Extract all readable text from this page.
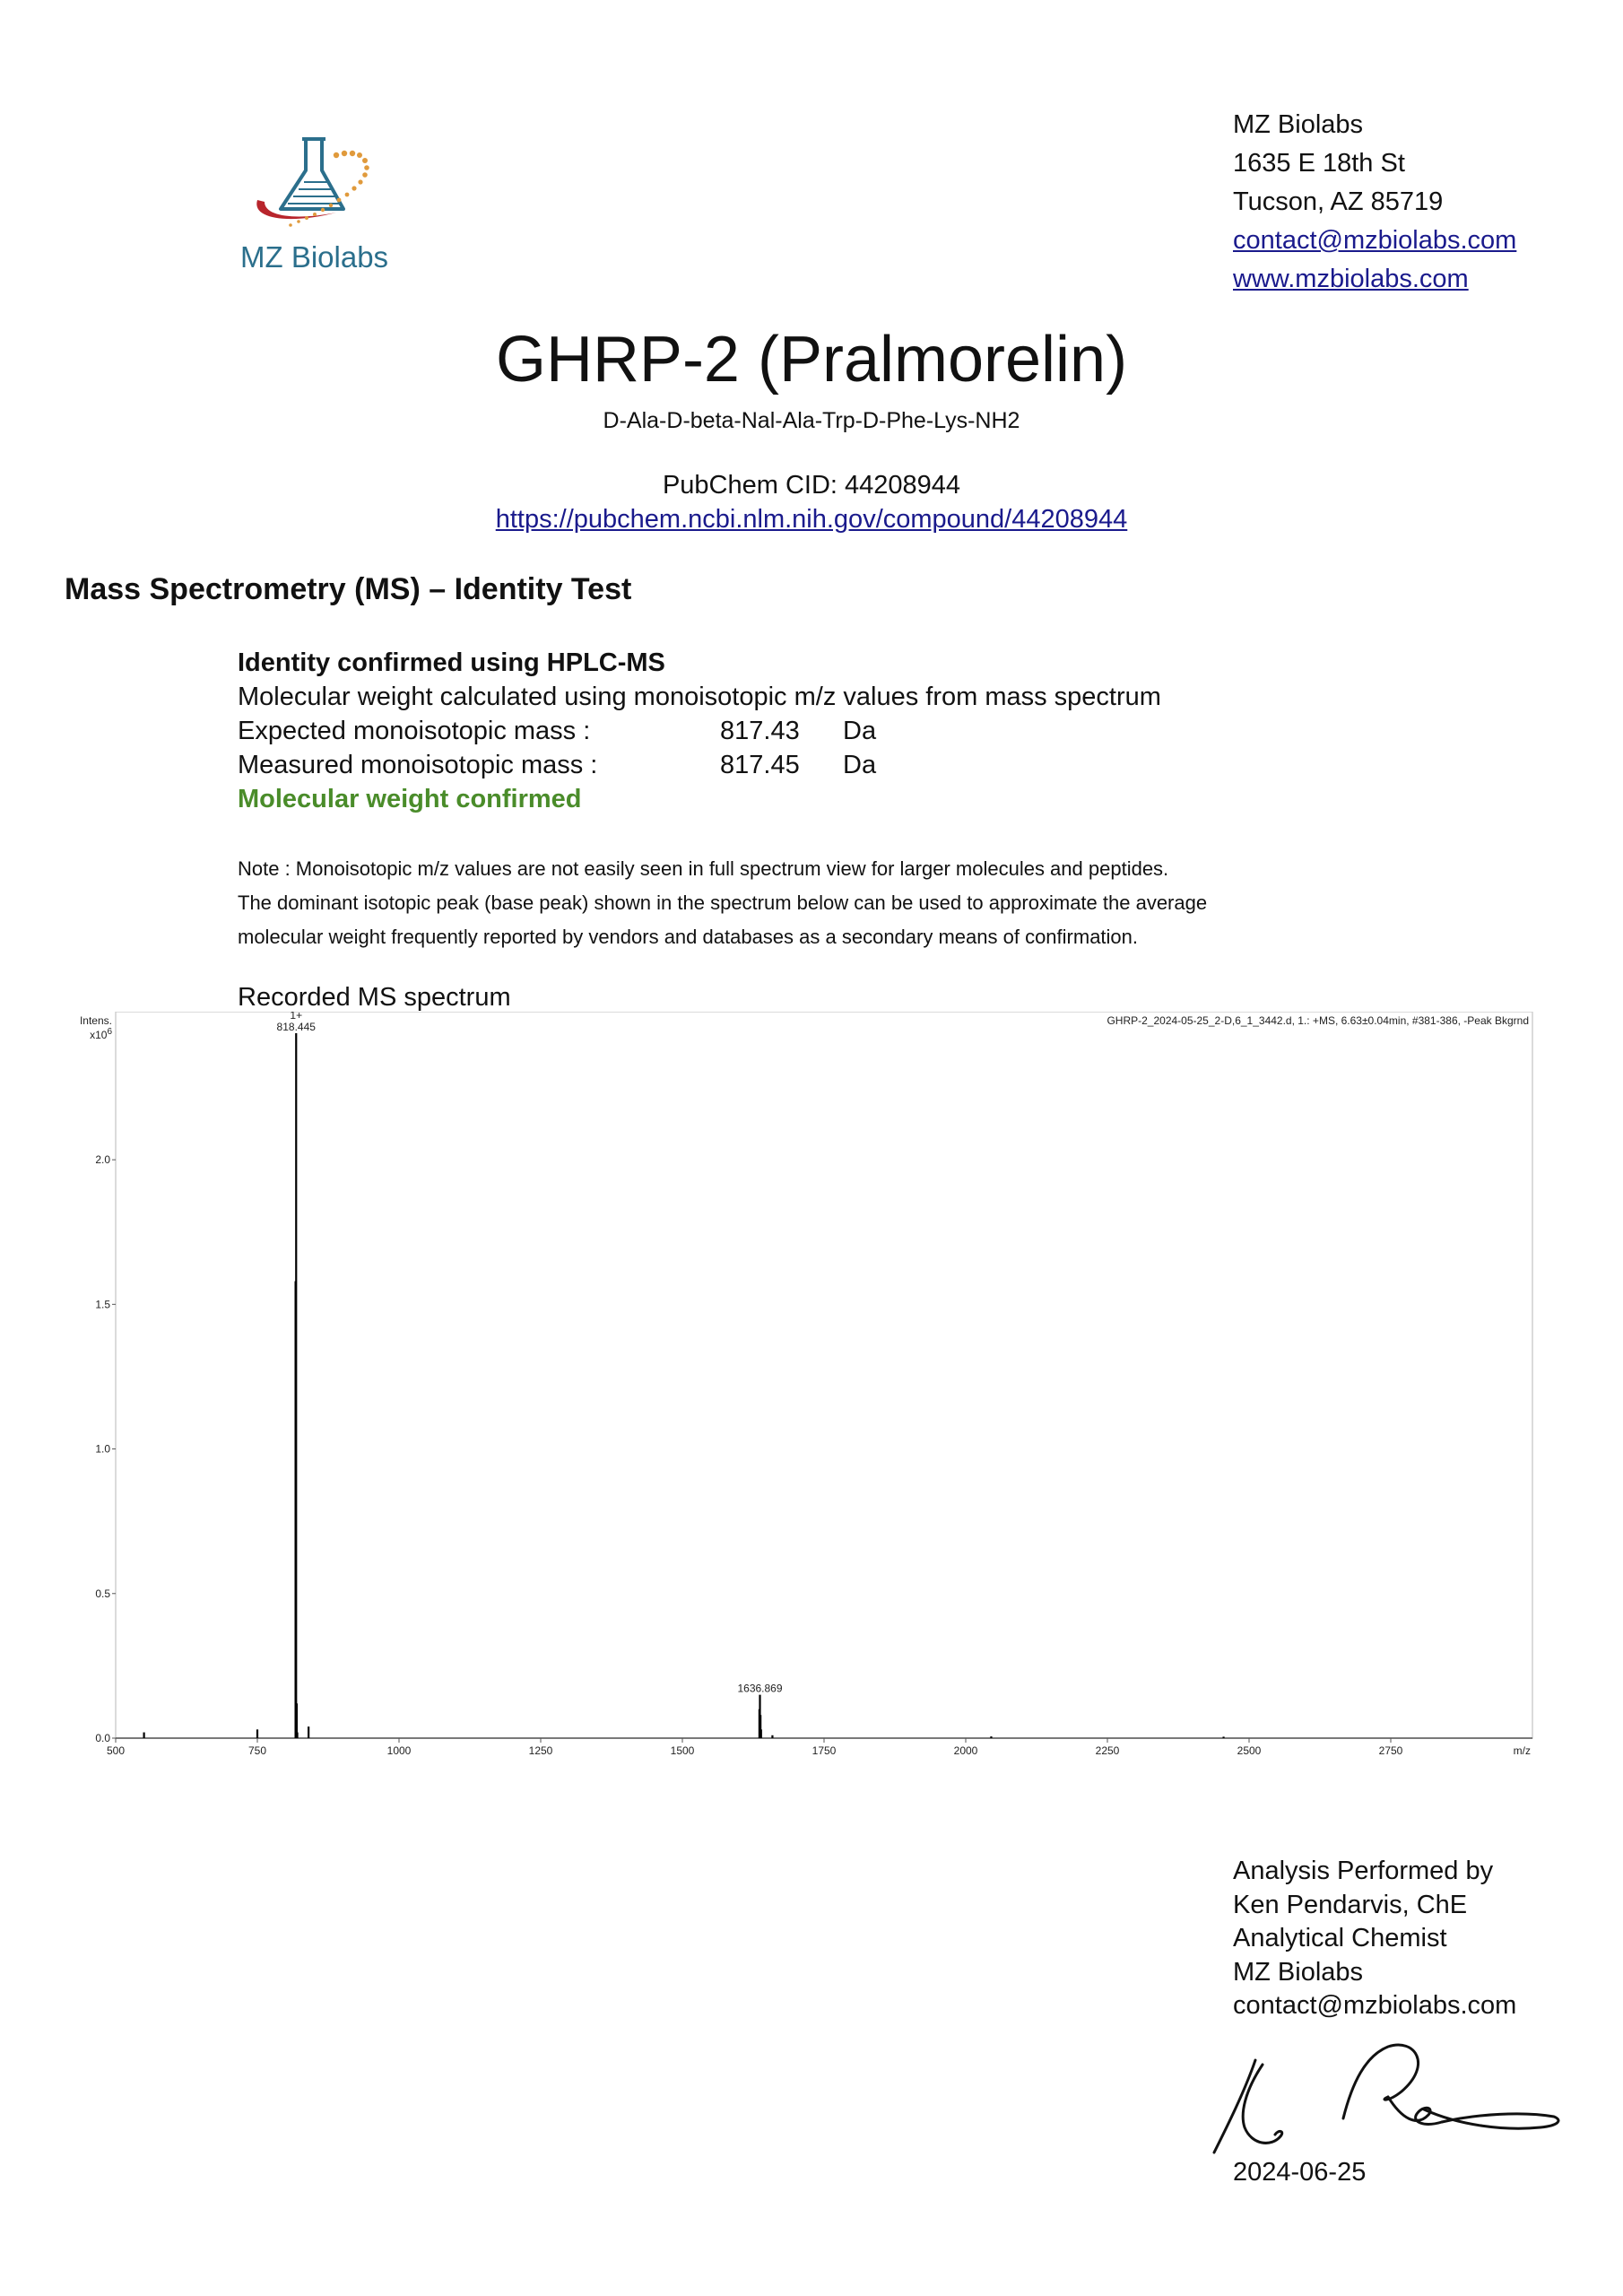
MZ Biolabs
MZ Biolabs
1635 E 18th St
Tucson, AZ 85719
contact@mzbiolabs.com
www.mzbiolabs.com
GHRP-2 (Pralmorelin)
D-Ala-D-beta-Nal-Ala-Trp-D-Phe-Lys-NH2
PubChem CID: 44208944
https://pubchem.ncbi.nlm.nih.gov/compound/44208944
Mass Spectrometry (MS) – Identity Test
Identity confirmed using HPLC-MS
Molecular weight calculated using monoisotopic m/z values from mass spectrum
Expected monoisotopic mass :	817.43 Da
Measured monoisotopic mass :	817.45 Da
Molecular weight confirmed
Note : Monoisotopic m/z values are not easily seen in full spectrum view for larger molecules and peptides.
The dominant isotopic peak (base peak) shown in the spectrum below can be used to approximate the average
molecular weight frequently reported by vendors and databases as a secondary means of confirmation.
Recorded MS spectrum
500	750	1000	1250	1500	1750	2000	2250	2500	2750	m/z
0.0
0.5
1.0
1.5
2.0
Intens.
$x10^6$
GHRP-2_2024-05-25_2-D,6_1_3442.d, 1.: +MS, 6.63±0.04min, #381-386, -Peak Bkgrnd
1+
818.445
1636.869
Analysis Performed by
Ken Pendarvis, ChE
Analytical Chemist
MZ Biolabs
contact@mzbiolabs.com
2024-06-25
